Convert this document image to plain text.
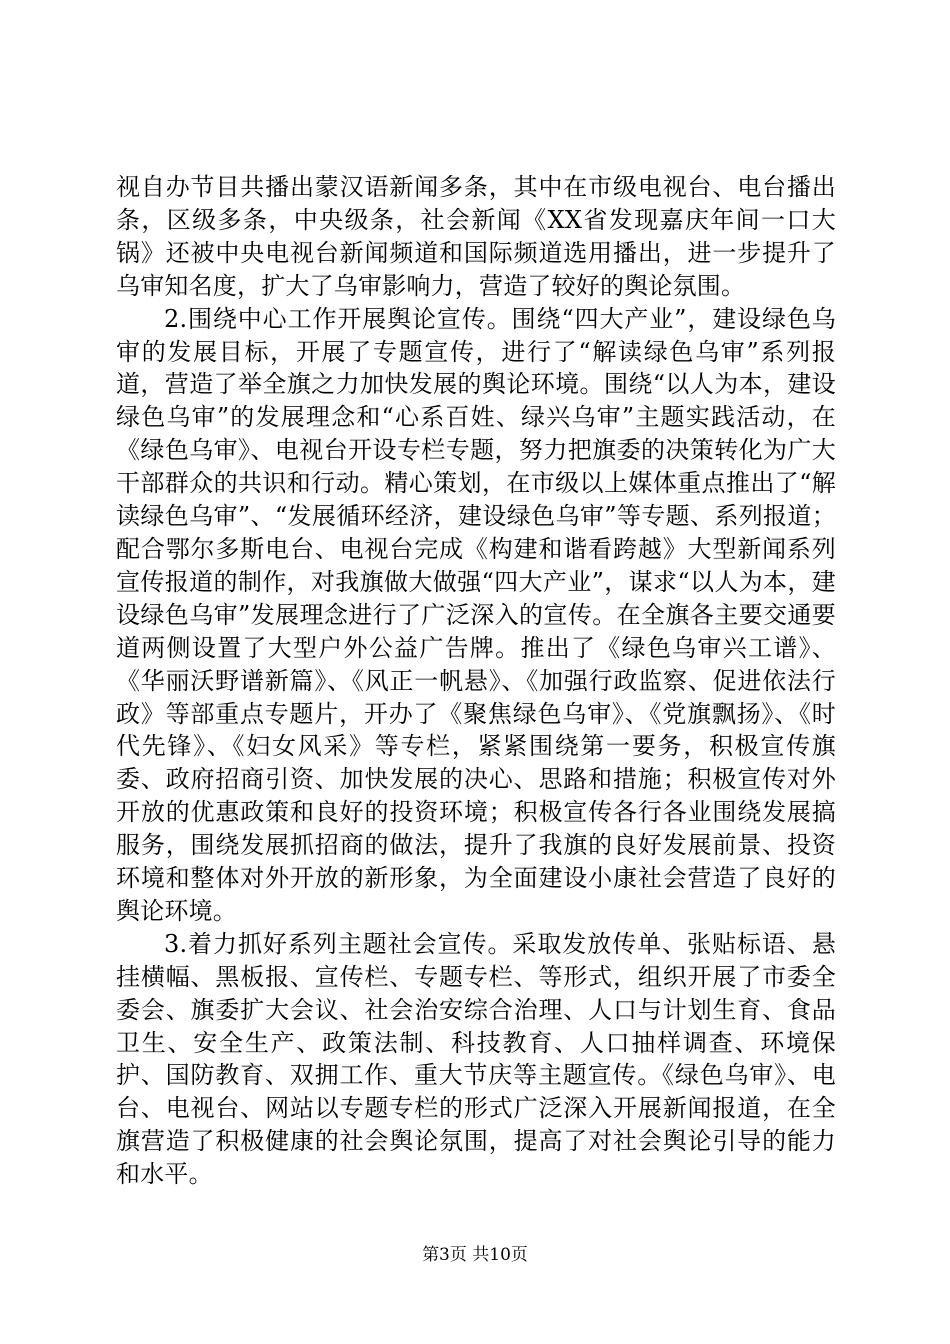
视自办节目共播出蒙汉语新闻多条，其中在市级电视台、电台播出条，区级多条，中央级条，社会新闻《XX省发现嘉庆年间一口大锅》还被中央电视台新闻频道和国际频道选用播出，进一步提升了乌审知名度，扩大了乌审影响力，营造了较好的舆论氛围。

2.围绕中心工作开展舆论宣传。围绕“四大产业”，建设绿色乌审的发展目标，开展了专题宣传，进行了“解读绿色乌审”系列报道，营造了举全旗之力加快发展的舆论环境。围绕“以人为本，建设绿色乌审”的发展理念和“心系百姓、绿兴乌审”主题实践活动，在《绿色乌审》、电视台开设专栏专题，努力把旗委的决策转化为广大干部群众的共识和行动。精心策划，在市级以上媒体重点推出了“解读绿色乌审”、“发展循环经济，建设绿色乌审”等专题、系列报道；配合鄂尔多斯电台、电视台完成《构建和谐看跨越》大型新闻系列宣传报道的制作，对我旗做大做强“四大产业”，谋求“以人为本，建设绿色乌审”发展理念进行了广泛深入的宣传。在全旗各主要交通要道两侧设置了大型户外公益广告牌。推出了《绿色乌审兴工谱》、《华丽沃野谱新篇》、《风正一帆悬》、《加强行政监察、促进依法行政》等部重点专题片，开办了《聚焦绿色乌审》、《党旗飘扬》、《时代先锋》、《妇女风采》等专栏，紧紧围绕第一要务，积极宣传旗委、政府招商引资、加快发展的决心、思路和措施；积极宣传对外开放的优惠政策和良好的投资环境；积极宣传各行各业围绕发展搞服务，围绕发展抓招商的做法，提升了我旗的良好发展前景、投资环境和整体对外开放的新形象，为全面建设小康社会营造了良好的舆论环境。

3.着力抓好系列主题社会宣传。采取发放传单、张贴标语、悬挂横幅、黑板报、宣传栏、专题专栏、等形式，组织开展了市委全委会、旗委扩大会议、社会治安综合治理、人口与计划生育、食品卫生、安全生产、政策法制、科技教育、人口抽样调查、环境保护、国防教育、双拥工作、重大节庆等主题宣传。《绿色乌审》、电台、电视台、网站以专题专栏的形式广泛深入开展新闻报道，在全旗营造了积极健康的社会舆论氛围，提高了对社会舆论引导的能力和水平。

第3页 共10页
